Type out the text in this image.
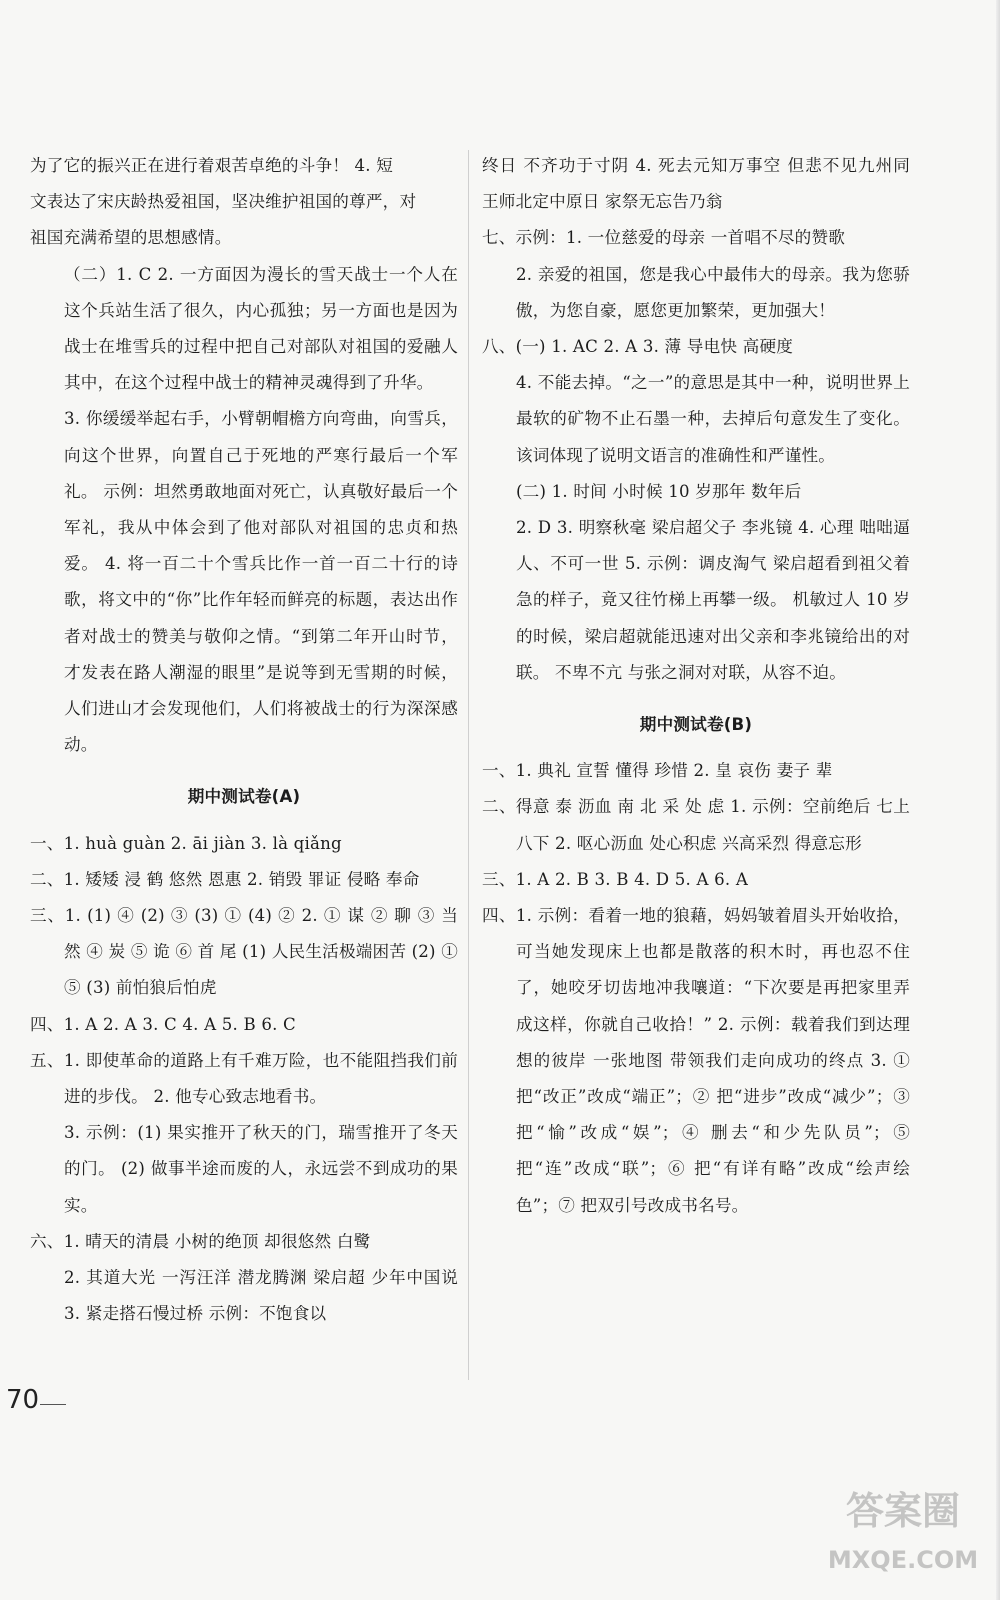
为了它的振兴正在进行着艰苦卓绝的斗争！ 4. 短

文表达了宋庆龄热爱祖国，坚决维护祖国的尊严，对

祖国充满希望的思想感情。

（二）1. C 2. 一方面因为漫长的雪天战士一个人在这个兵站生活了很久，内心孤独；另一方面也是因为战士在堆雪兵的过程中把自己对部队对祖国的爱融人其中，在这个过程中战士的精神灵魂得到了升华。

3. 你缓缓举起右手，小臂朝帽檐方向弯曲，向雪兵，向这个世界，向置自己于死地的严寒行最后一个军礼。 示例：坦然勇敢地面对死亡，认真敬好最后一个军礼，我从中体会到了他对部队对祖国的忠贞和热爱。 4. 将一百二十个雪兵比作一首一百二十行的诗歌，将文中的“你”比作年轻而鲜亮的标题，表达出作者对战士的赞美与敬仰之情。“到第二年开山时节，才发表在路人潮湿的眼里”是说等到无雪期的时候，人们进山才会发现他们，人们将被战士的行为深深感动。

期中测试卷(A)

一、1. huà guàn 2. āi jiàn 3. là qiǎng

二、1. 矮矮 浸 鹤 悠然 恩惠 2. 销毁 罪证 侵略 奉命

三、1. (1) ④ (2) ③ (3) ① (4) ② 2. ① 谋 ② 聊 ③ 当然 ④ 炭 ⑤ 诡 ⑥ 首 尾 (1) 人民生活极端困苦 (2) ① ⑤ (3) 前怕狼后怕虎

四、1. A 2. A 3. C 4. A 5. B 6. C

五、1. 即使革命的道路上有千难万险，也不能阻挡我们前进的步伐。 2. 他专心致志地看书。

3. 示例：(1) 果实推开了秋天的门，瑞雪推开了冬天的门。 (2) 做事半途而废的人，永远尝不到成功的果实。

六、1. 晴天的清晨 小树的绝顶 却很悠然 白鹭

2. 其道大光 一泻汪洋 潜龙腾渊 梁启超 少年中国说 3. 紧走搭石慢过桥 示例：不饱食以

70

终日 不齐功于寸阴 4. 死去元知万事空 但悲不见九州同 王师北定中原日 家祭无忘告乃翁

七、示例：1. 一位慈爱的母亲 一首唱不尽的赞歌

2. 亲爱的祖国，您是我心中最伟大的母亲。我为您骄傲，为您自豪，愿您更加繁荣，更加强大！

八、(一) 1. AC 2. A 3. 薄 导电快 高硬度

4. 不能去掉。“之一”的意思是其中一种，说明世界上最软的矿物不止石墨一种，去掉后句意发生了变化。该词体现了说明文语言的准确性和严谨性。

(二) 1. 时间 小时候 10 岁那年 数年后

2. D 3. 明察秋毫 梁启超父子 李兆镜 4. 心理 咄咄逼人、不可一世 5. 示例：调皮淘气 梁启超看到祖父着急的样子，竟又往竹梯上再攀一级。 机敏过人 10 岁的时候，梁启超就能迅速对出父亲和李兆镜给出的对联。 不卑不亢 与张之洞对对联，从容不迫。

期中测试卷(B)

一、1. 典礼 宣誓 懂得 珍惜 2. 皇 哀伤 妻子 辈

二、得意 泰 沥血 南 北 采 处 虑 1. 示例：空前绝后 七上八下 2. 呕心沥血 处心积虑 兴高采烈 得意忘形

三、1. A 2. B 3. B 4. D 5. A 6. A

四、1. 示例：看着一地的狼藉，妈妈皱着眉头开始收拾，可当她发现床上也都是散落的积木时，再也忍不住了，她咬牙切齿地冲我嚷道：“下次要是再把家里弄成这样，你就自己收拾！” 2. 示例：载着我们到达理想的彼岸 一张地图 带领我们走向成功的终点 3. ① 把“改正”改成“端正”；② 把“进步”改成“减少”；③ 把“愉”改成“娱”；④ 删去“和少先队员”；⑤ 把“连”改成“联”；⑥ 把“有详有略”改成“绘声绘色”；⑦ 把双引号改成书名号。

答案圈
MXQE.COM
